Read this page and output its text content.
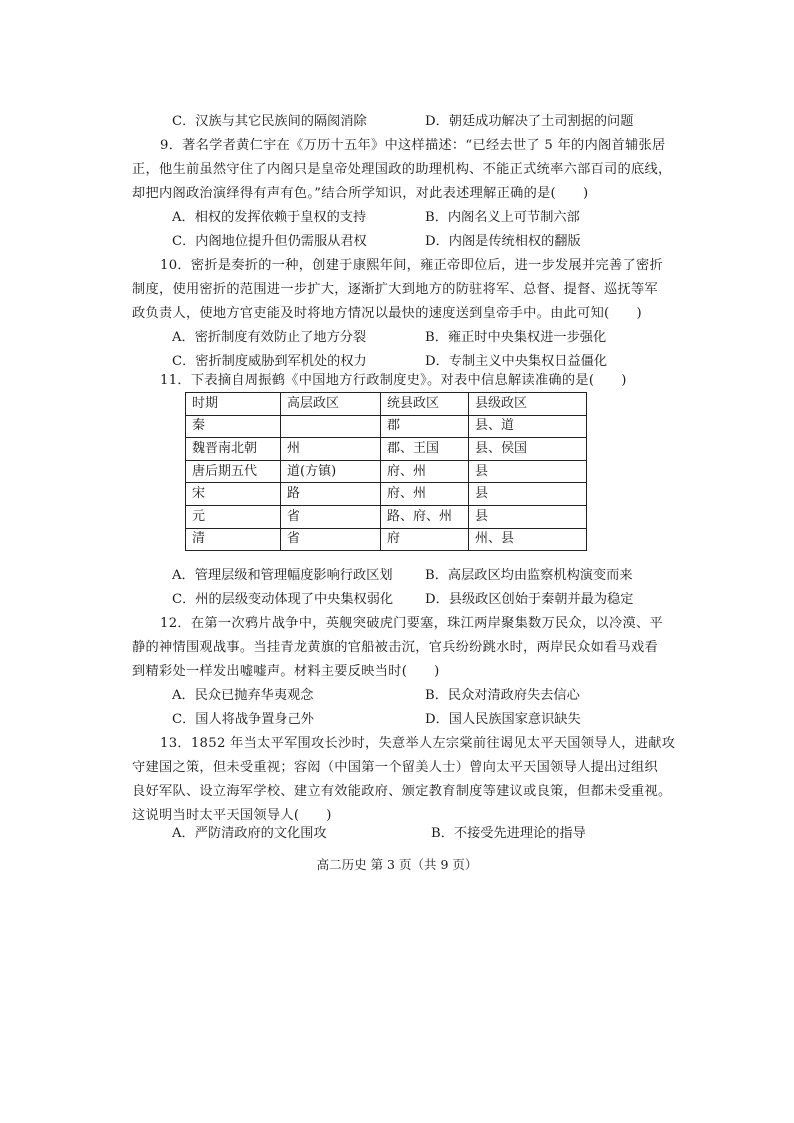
C．汉族与其它民族间的隔阂消除	D．朝廷成功解决了土司割据的问题
9．著名学者黄仁宇在《万历十五年》中这样描述：“已经去世了 5 年的内阁首辅张居
正，他生前虽然守住了内阁只是皇帝处理国政的助理机构、不能正式统率六部百司的底线，
却把内阁政治演绎得有声有色。”结合所学知识，对此表述理解正确的是(　　)
A．相权的发挥依赖于皇权的支持	B．内阁名义上可节制六部
C．内阁地位提升但仍需服从君权	D．内阁是传统相权的翻版
10．密折是奏折的一种，创建于康熙年间，雍正帝即位后，进一步发展并完善了密折
制度，使用密折的范围进一步扩大，逐渐扩大到地方的防驻将军、总督、提督、巡抚等军
政负责人，使地方官吏能及时将地方情况以最快的速度送到皇帝手中。由此可知(　　)
A．密折制度有效防止了地方分裂	B．雍正时中央集权进一步强化
C．密折制度威胁到军机处的权力	D．专制主义中央集权日益僵化
11．下表摘自周振鹤《中国地方行政制度史》。对表中信息解读准确的是(　　)
时期	高层政区	统县政区	县级政区
秦		郡	县、道
魏晋南北朝	州	郡、王国	县、侯国
唐后期五代	道(方镇)	府、州	县
宋	路	府、州	县
元	省	路、府、州	县
清	省	府	州、县
A．管理层级和管理幅度影响行政区划 B．高层政区均由监察机构演变而来
C．州的层级变动体现了中央集权弱化 D．县级政区创始于秦朝并最为稳定
12．在第一次鸦片战争中，英舰突破虎门要塞，珠江两岸聚集数万民众，以冷漠、平
静的神情围观战事。当挂青龙黄旗的官船被击沉，官兵纷纷跳水时，两岸民众如看马戏看
到精彩处一样发出嘘嘘声。材料主要反映当时(　　)
A．民众已抛弃华夷观念	B．民众对清政府失去信心
C．国人将战争置身己外	D．国人民族国家意识缺失
13．1852 年当太平军围攻长沙时，失意举人左宗棠前往谒见太平天国领导人，进献攻
守建国之策，但未受重视；容闳（中国第一个留美人士）曾向太平天国领导人提出过组织
良好军队、设立海军学校、建立有效能政府、颁定教育制度等建议或良策，但都未受重视。
这说明当时太平天国领导人(　　)
A．严防清政府的文化围攻	B．不接受先进理论的指导
高二历史 第 3 页（共 9 页）
